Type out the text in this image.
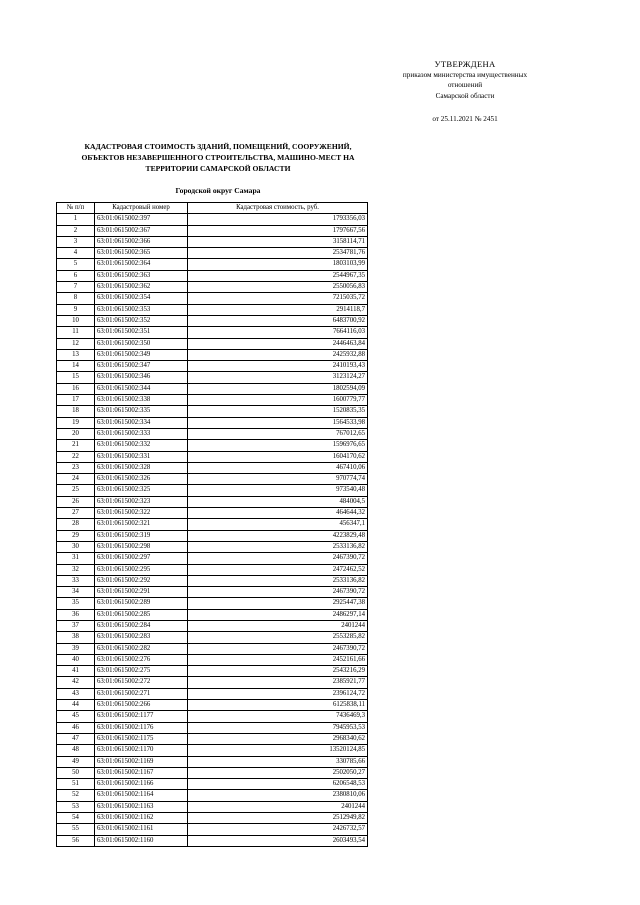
УТВЕРЖДЕНА
приказом министерства имущественных
отношений
Самарской области
от 25.11.2021 № 2451
КАДАСТРОВАЯ СТОИМОСТЬ ЗДАНИЙ, ПОМЕЩЕНИЙ, СООРУЖЕНИЙ,
ОБЪЕКТОВ НЕЗАВЕРШЕННОГО СТРОИТЕЛЬСТВА, МАШИНО-МЕСТ НА
ТЕРРИТОРИИ САМАРСКОЙ ОБЛАСТИ
Городской округ Самара
№ п/п	Кадастровый номер	Кадастровая стоимость, руб.
1	63:01:0615002:397	1793356,03
2	63:01:0615002:367	1797667,56
3	63:01:0615002:366	3158114,71
4	63:01:0615002:365	2534781,76
5	63:01:0615002:364	1803103,99
6	63:01:0615002:363	2544967,35
7	63:01:0615002:362	2550056,83
8	63:01:0615002:354	7215035,72
9	63:01:0615002:353	2914118,7
10	63:01:0615002:352	6483700,92
11	63:01:0615002:351	7664116,03
12	63:01:0615002:350	2446463,84
13	63:01:0615002:349	2425932,88
14	63:01:0615002:347	2410193,43
15	63:01:0615002:346	3123124,27
16	63:01:0615002:344	1802594,09
17	63:01:0615002:338	1600779,77
18	63:01:0615002:335	1520835,35
19	63:01:0615002:334	1564533,98
20	63:01:0615002:333	767012,65
21	63:01:0615002:332	1596976,65
22	63:01:0615002:331	1604170,62
23	63:01:0615002:328	467410,06
24	63:01:0615002:326	970774,74
25	63:01:0615002:325	973540,48
26	63:01:0615002:323	484004,5
27	63:01:0615002:322	464644,32
28	63:01:0615002:321	456347,1
29	63:01:0615002:319	4223829,48
30	63:01:0615002:298	2533136,82
31	63:01:0615002:297	2467390,72
32	63:01:0615002:295	2472462,52
33	63:01:0615002:292	2533136,82
34	63:01:0615002:291	2467390,72
35	63:01:0615002:289	2925447,38
36	63:01:0615002:285	2486297,14
37	63:01:0615002:284	2401244
38	63:01:0615002:283	2553285,82
39	63:01:0615002:282	2467390,72
40	63:01:0615002:276	2452161,66
41	63:01:0615002:275	2543216,29
42	63:01:0615002:272	2385921,77
43	63:01:0615002:271	2396124,72
44	63:01:0615002:266	6125838,11
45	63:01:0615002:1177	7436469,3
46	63:01:0615002:1176	7945953,53
47	63:01:0615002:1175	2968340,62
48	63:01:0615002:1170	13520124,85
49	63:01:0615002:1169	330785,66
50	63:01:0615002:1167	2502050,27
51	63:01:0615002:1166	6206548,53
52	63:01:0615002:1164	2380810,06
53	63:01:0615002:1163	2401244
54	63:01:0615002:1162	2512949,82
55	63:01:0615002:1161	2426732,57
56	63:01:0615002:1160	2603493,54
